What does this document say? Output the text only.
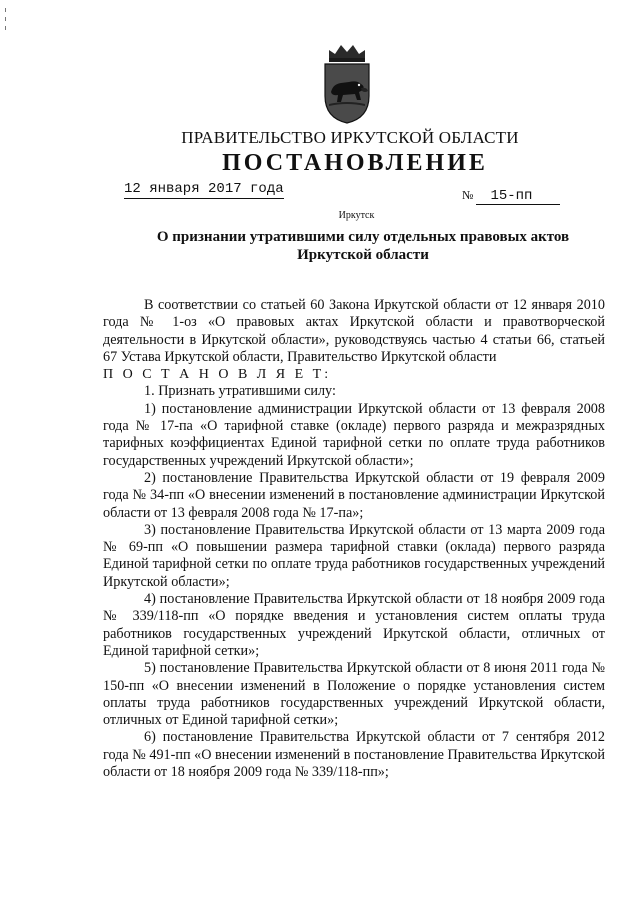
ПРАВИТЕЛЬСТВО ИРКУТСКОЙ ОБЛАСТИ
ПОСТАНОВЛЕНИЕ
12 января 2017 года	№ 15-пп
Иркутск
О признании утратившими силу отдельных правовых актов
Иркутской области

В соответствии со статьей 60 Закона Иркутской области от 12 января 2010 года № 1-оз «О правовых актах Иркутской области и правотворческой деятельности в Иркутской области», руководствуясь частью 4 статьи 66, статьей 67 Устава Иркутской области, Правительство Иркутской области

П О С Т А Н О В Л Я Е Т:

1. Признать утратившими силу:

1) постановление администрации Иркутской области от 13 февраля 2008 года № 17-па «О тарифной ставке (окладе) первого разряда и межразрядных тарифных коэффициентах Единой тарифной сетки по оплате труда работников государственных учреждений Иркутской области»;

2) постановление Правительства Иркутской области от 19 февраля 2009 года № 34-пп «О внесении изменений в постановление администрации Иркутской области от 13 февраля 2008 года № 17-па»;

3) постановление Правительства Иркутской области от 13 марта 2009 года № 69-пп «О повышении размера тарифной ставки (оклада) первого разряда Единой тарифной сетки по оплате труда работников государственных учреждений Иркутской области»;

4) постановление Правительства Иркутской области от 18 ноября 2009 года № 339/118-пп «О порядке введения и установления систем оплаты труда работников государственных учреждений Иркутской области, отличных от Единой тарифной сетки»;

5) постановление Правительства Иркутской области от 8 июня 2011 года № 150-пп «О внесении изменений в Положение о порядке установления систем оплаты труда работников государственных учреждений Иркутской области, отличных от Единой тарифной сетки»;

6) постановление Правительства Иркутской области от 7 сентября 2012 года № 491-пп «О внесении изменений в постановление Правительства Иркутской области от 18 ноября 2009 года № 339/118-пп»;
